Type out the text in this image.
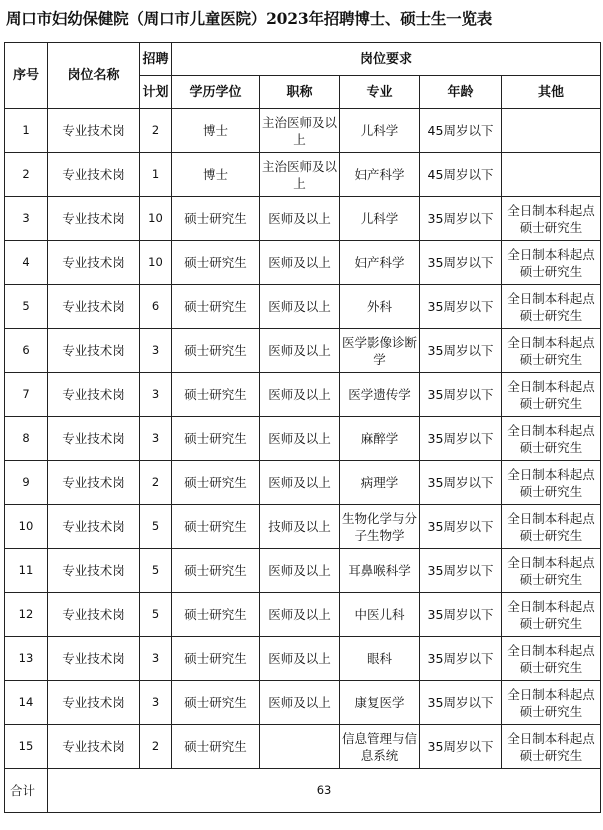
周口市妇幼保健院（周口市儿童医院）2023年招聘博士、硕士生一览表
序号	岗位名称	招聘	岗位要求				
		计划	学历学位	职称	专业	年龄	其他
1	专业技术岗	2	博士	主治医师及以上	儿科学	45周岁以下	
2	专业技术岗	1	博士	主治医师及以上	妇产科学	45周岁以下	
3	专业技术岗	10	硕士研究生	医师及以上	儿科学	35周岁以下	全日制本科起点硕士研究生
4	专业技术岗	10	硕士研究生	医师及以上	妇产科学	35周岁以下	全日制本科起点硕士研究生
5	专业技术岗	6	硕士研究生	医师及以上	外科	35周岁以下	全日制本科起点硕士研究生
6	专业技术岗	3	硕士研究生	医师及以上	医学影像诊断学	35周岁以下	全日制本科起点硕士研究生
7	专业技术岗	3	硕士研究生	医师及以上	医学遗传学	35周岁以下	全日制本科起点硕士研究生
8	专业技术岗	3	硕士研究生	医师及以上	麻醉学	35周岁以下	全日制本科起点硕士研究生
9	专业技术岗	2	硕士研究生	医师及以上	病理学	35周岁以下	全日制本科起点硕士研究生
10	专业技术岗	5	硕士研究生	技师及以上	生物化学与分子生物学	35周岁以下	全日制本科起点硕士研究生
11	专业技术岗	5	硕士研究生	医师及以上	耳鼻喉科学	35周岁以下	全日制本科起点硕士研究生
12	专业技术岗	5	硕士研究生	医师及以上	中医儿科	35周岁以下	全日制本科起点硕士研究生
13	专业技术岗	3	硕士研究生	医师及以上	眼科	35周岁以下	全日制本科起点硕士研究生
14	专业技术岗	3	硕士研究生	医师及以上	康复医学	35周岁以下	全日制本科起点硕士研究生
15	专业技术岗	2	硕士研究生		信息管理与信息系统	35周岁以下	全日制本科起点硕士研究生
合计	63						
